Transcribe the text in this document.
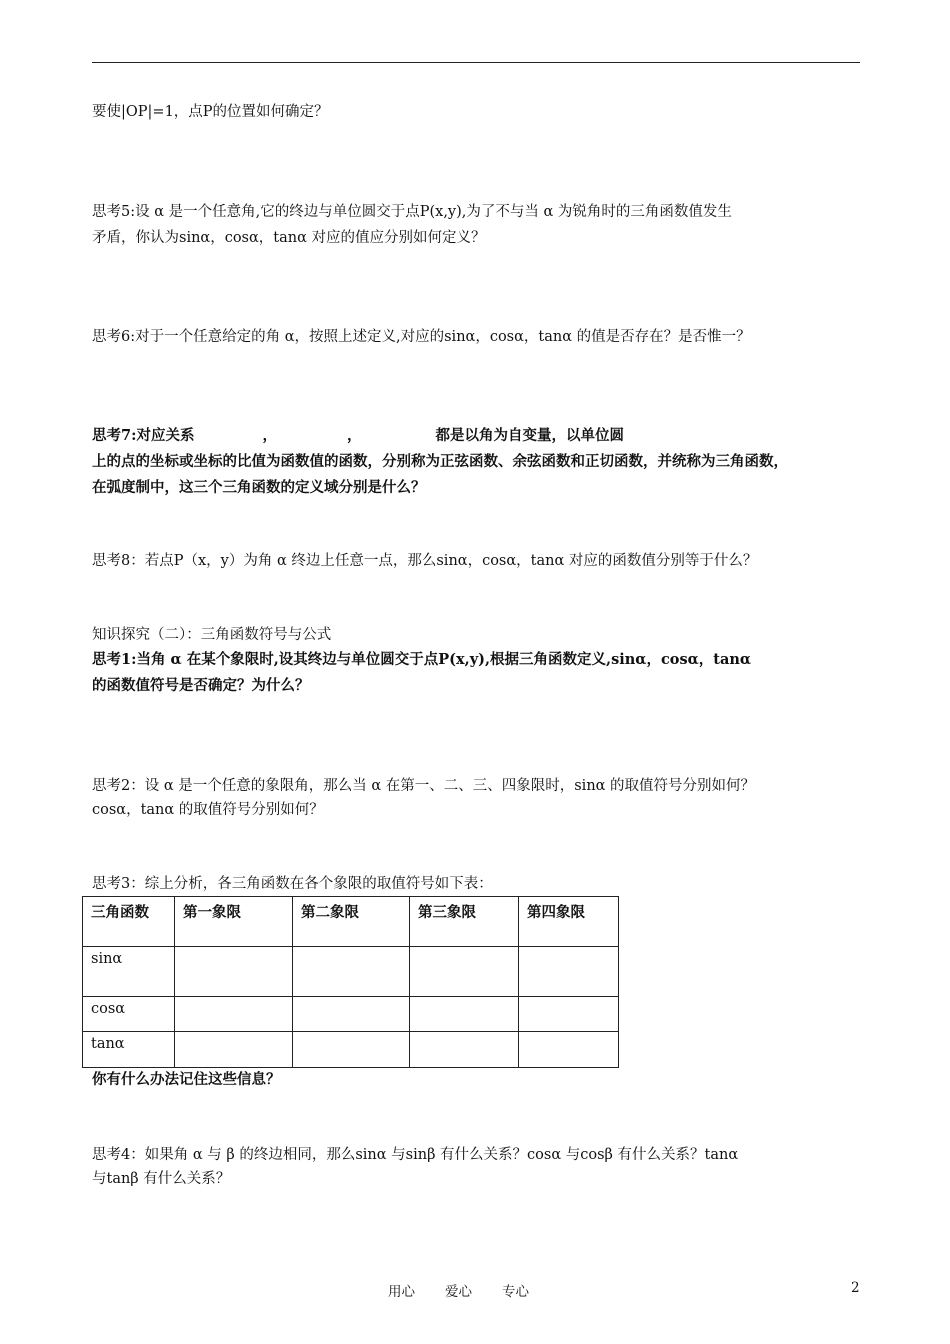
要使|OP|=1，点P的位置如何确定？
思考5:设 α 是一个任意角,它的终边与单位圆交于点P(x,y),为了不与当 α 为锐角时的三角函数值发生
矛盾，你认为sinα，cosα，tanα 对应的值应分别如何定义？
思考6:对于一个任意给定的角 α，按照上述定义,对应的sinα，cosα，tanα 的值是否存在？是否惟一？
思考7:对应关系	，	，	都是以角为自变量，以单位圆
上的点的坐标或坐标的比值为函数值的函数，分别称为正弦函数、余弦函数和正切函数，并统称为三角函数，
在弧度制中，这三个三角函数的定义域分别是什么？
思考8：若点P（x，y）为角 α 终边上任意一点，那么sinα，cosα，tanα 对应的函数值分别等于什么？
知识探究（二）：三角函数符号与公式
思考1:当角 α 在某个象限时,设其终边与单位圆交于点P(x,y),根据三角函数定义,sinα，cosα，tanα
的函数值符号是否确定？为什么？
思考2：设 α 是一个任意的象限角，那么当 α 在第一、二、三、四象限时，sinα 的取值符号分别如何？
cosα，tanα 的取值符号分别如何？
思考3：综上分析，各三角函数在各个象限的取值符号如下表：
三角函数	第一象限	第二象限	第三象限	第四象限
sinα				
cosα				
tanα				
你有什么办法记住这些信息？
思考4：如果角 α 与 β 的终边相同，那么sinα 与sinβ 有什么关系？cosα 与cosβ 有什么关系？tanα
与tanβ 有什么关系？
用心 爱心 专心	2
